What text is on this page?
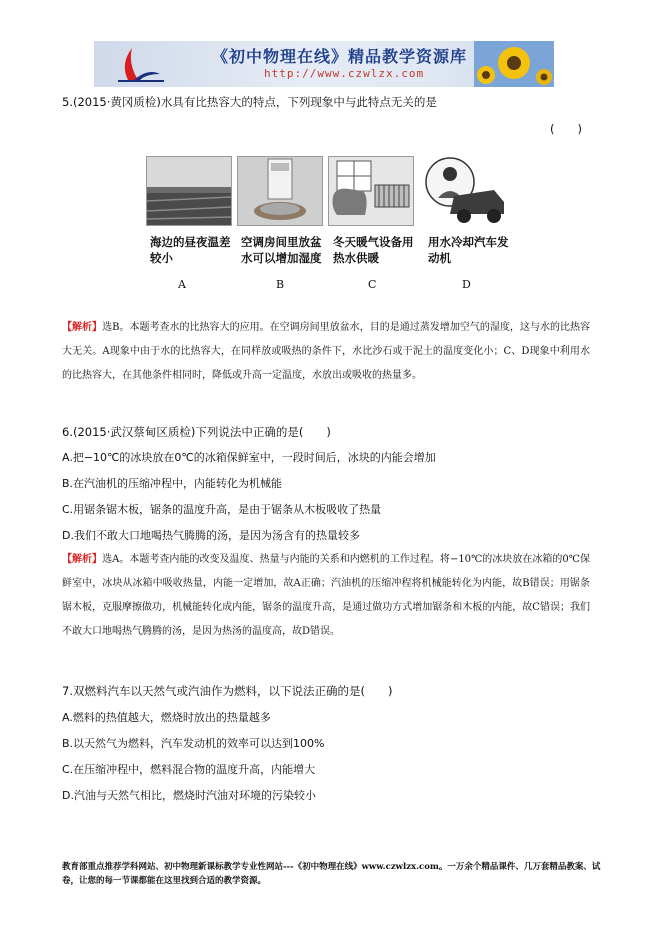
《初中物理在线》精品教学资源库
http://www.czwlzx.com
5.(2015·黄冈质检)水具有比热容大的特点，下列现象中与此特点无关的是
(　　)
海边的昼夜温差较小
空调房间里放盆水可以增加湿度
冬天暖气设备用热水供暖
用水冷却汽车发动机
A	B	C	D
【解析】选B。本题考查水的比热容大的应用。在空调房间里放盆水，目的是通过蒸发增加空气的湿度，这与水的比热容大无关。A现象中由于水的比热容大，在同样放或吸热的条件下，水比沙石或干泥土的温度变化小；C、D现象中利用水的比热容大，在其他条件相同时，降低或升高一定温度，水放出或吸收的热量多。
6.(2015·武汉蔡甸区质检)下列说法中正确的是(　　)
A.把−10℃的冰块放在0℃的冰箱保鲜室中，一段时间后，冰块的内能会增加
B.在汽油机的压缩冲程中，内能转化为机械能
C.用锯条锯木板，锯条的温度升高，是由于锯条从木板吸收了热量
D.我们不敢大口地喝热气腾腾的汤，是因为汤含有的热量较多
【解析】选A。本题考查内能的改变及温度、热量与内能的关系和内燃机的工作过程。将−10℃的冰块放在冰箱的0℃保鲜室中，冰块从冰箱中吸收热量，内能一定增加，故A正确；汽油机的压缩冲程将机械能转化为内能，故B错误；用锯条锯木板，克服摩擦做功，机械能转化成内能，锯条的温度升高，是通过做功方式增加锯条和木板的内能，故C错误；我们不敢大口地喝热气腾腾的汤，是因为热汤的温度高，故D错误。
7.双燃料汽车以天然气或汽油作为燃料，以下说法正确的是(　　)
A.燃料的热值越大，燃烧时放出的热量越多
B.以天然气为燃料，汽车发动机的效率可以达到100%
C.在压缩冲程中，燃料混合物的温度升高，内能增大
D.汽油与天然气相比，燃烧时汽油对环境的污染较小
教育部重点推荐学科网站、初中物理新课标教学专业性网站---《初中物理在线》www.czwlzx.com。一万余个精品课件、几万套精品教案、试卷，让您的每一节课都能在这里找到合适的教学资源。
